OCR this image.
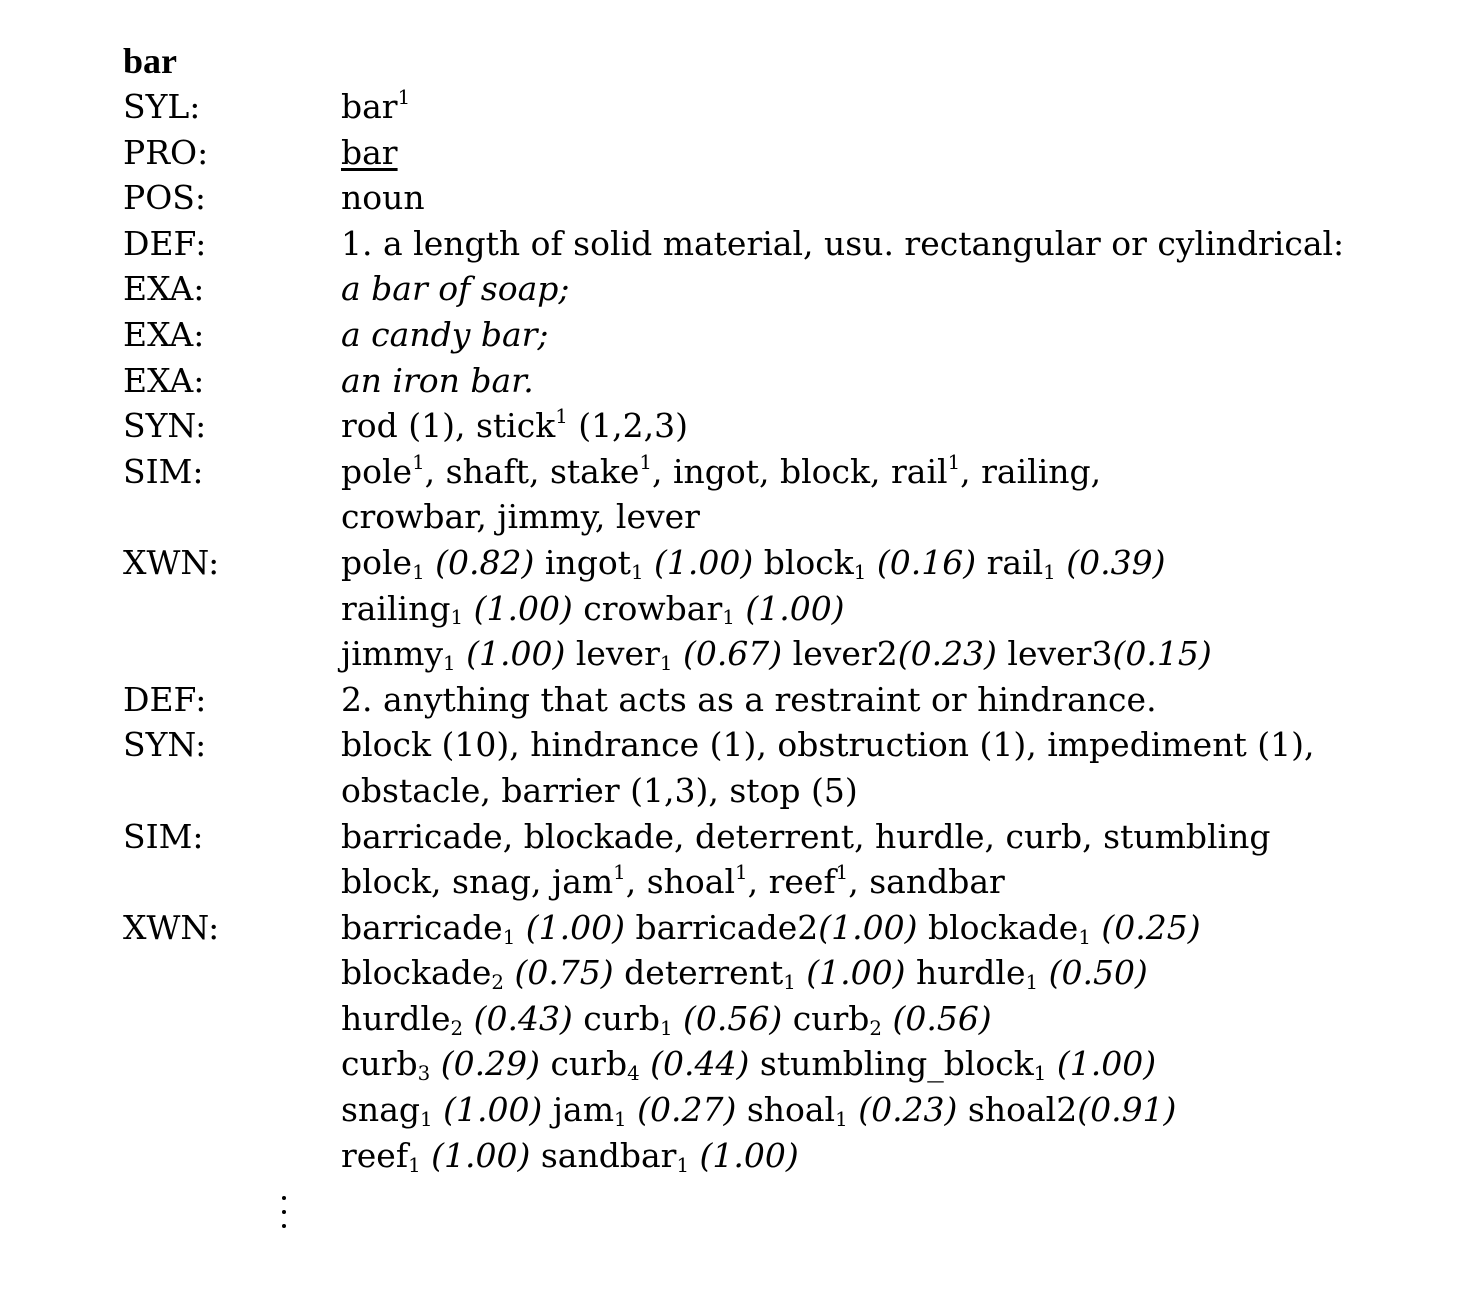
bar
SYL:	bar$^1$
PRO:	bar
POS:	noun
DEF:	1. a length of solid material, usu. rectangular or cylindrical:
EXA:	a bar of soap;
EXA:	a candy bar;
EXA:	an iron bar.
SYN:	rod (1), stick$^1$ (1,2,3)
SIM:	pole$^1$, shaft, stake$^1$, ingot, block, rail$^1$, railing,
crowbar, jimmy, lever
XWN:	pole$_1$ (0.82) ingot$_1$ (1.00) block$_1$ (0.16) rail$_1$ (0.39)
railing$_1$ (1.00) crowbar$_1$ (1.00)
jimmy$_1$ (1.00) lever$_1$ (0.67) lever2(0.23) lever3(0.15)
DEF:	2. anything that acts as a restraint or hindrance.
SYN:	block (10), hindrance (1), obstruction (1), impediment (1),
obstacle, barrier (1,3), stop (5)
SIM:	barricade, blockade, deterrent, hurdle, curb, stumbling
block, snag, jam$^1$, shoal$^1$, reef$^1$, sandbar
XWN:	barricade$_1$ (1.00) barricade2(1.00) blockade$_1$ (0.25)
blockade$_2$ (0.75) deterrent$_1$ (1.00) hurdle$_1$ (0.50)
hurdle$_2$ (0.43) curb$_1$ (0.56) curb$_2$ (0.56)
curb$_3$ (0.29) curb$_4$ (0.44) stumbling_block$_1$ (1.00)
snag$_1$ (1.00) jam$_1$ (0.27) shoal$_1$ (0.23) shoal2(0.91)
reef$_1$ (1.00) sandbar$_1$ (1.00)
